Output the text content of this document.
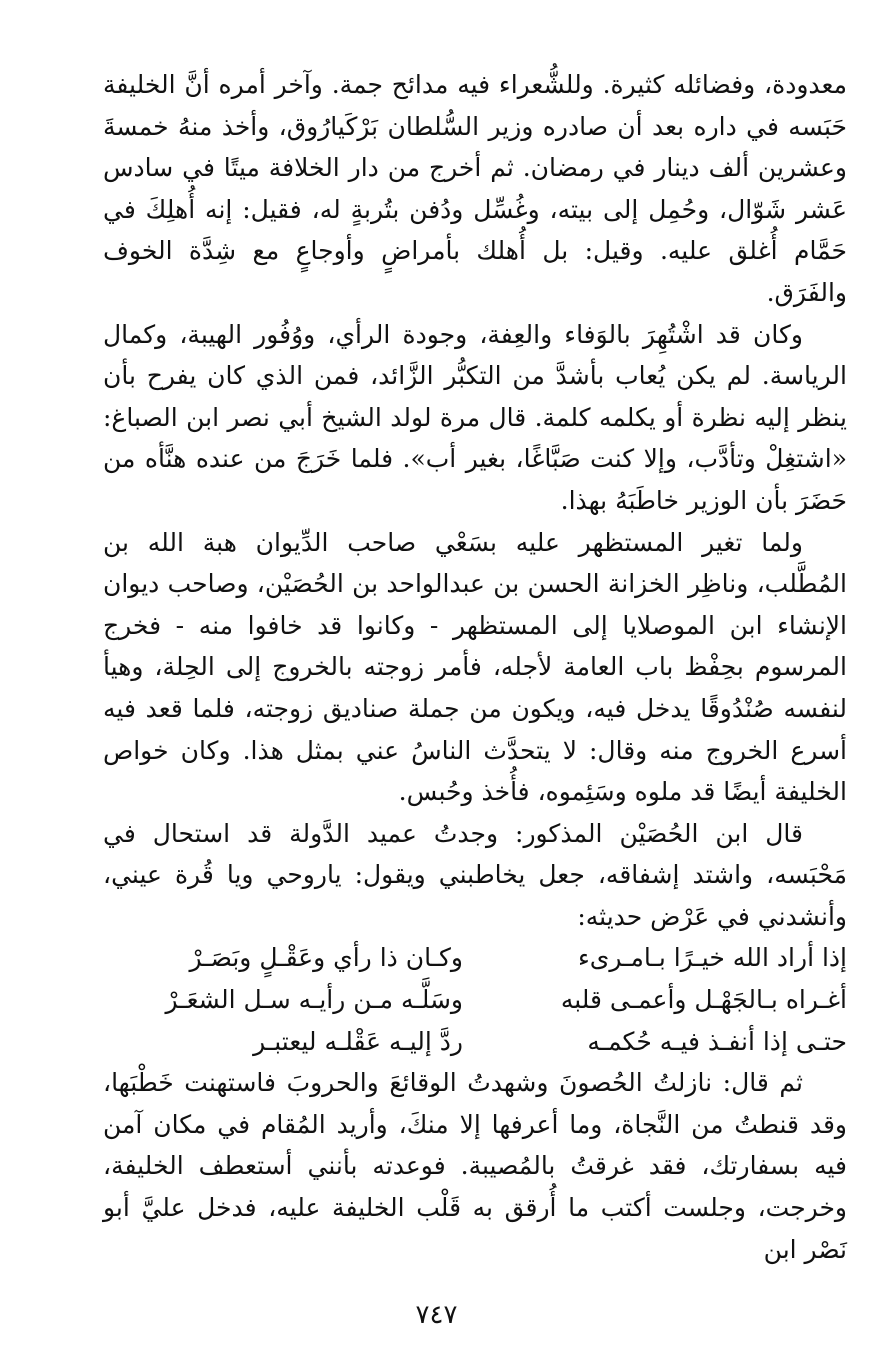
معدودة، وفضائله كثيرة. وللشُّعراء فيه مدائح جمة. وآخر أمره أنَّ الخليفة حَبَسه في داره بعد أن صادره وزير السُّلطان بَرْكَيارُوق، وأخذ منهُ خمسةَ وعشرين ألف دينار في رمضان. ثم أخرج من دار الخلافة ميتًا في سادس عَشر شَوّال، وحُمِل إلى بيته، وغُسِّل ودُفن بتُربةٍ له، فقيل: إنه أُهلِكَ في حَمَّام أُغلق عليه. وقيل: بل أُهلك بأمراضٍ وأوجاعٍ مع شِدَّة الخوف والفَرَق.

وكان قد اشْتُهِرَ بالوَفاء والعِفة، وجودة الرأي، ووُفُور الهيبة، وكمال الرياسة. لم يكن يُعاب بأشدَّ من التكبُّر الزَّائد، فمن الذي كان يفرح بأن ينظر إليه نظرة أو يكلمه كلمة. قال مرة لولد الشيخ أبي نصر ابن الصباغ: «اشتغِلْ وتأدَّب، وإلا كنت صَبَّاغًا، بغير أب». فلما خَرَجَ من عنده هنَّأه من حَضَرَ بأن الوزير خاطَبَهُ بهذا.

ولما تغير المستظهر عليه بسَعْي صاحب الدِّيوان هبة الله بن المُطَّلب، وناظِر الخزانة الحسن بن عبدالواحد بن الحُصَيْن، وصاحب ديوان الإنشاء ابن الموصلايا إلى المستظهر - وكانوا قد خافوا منه - فخرج المرسوم بحِفْظ باب العامة لأجله، فأمر زوجته بالخروج إلى الحِلة، وهيأ لنفسه صُنْدُوقًا يدخل فيه، ويكون من جملة صناديق زوجته، فلما قعد فيه أسرع الخروج منه وقال: لا يتحدَّث الناسُ عني بمثل هذا. وكان خواص الخليفة أيضًا قد ملوه وسَئِموه، فأُخذ وحُبس.

قال ابن الحُصَيْن المذكور: وجدتُ عميد الدَّولة قد استحال في مَحْبَسه، واشتد إشفاقه، جعل يخاطبني ويقول: ياروحي ويا قُرة عيني، وأنشدني في عَرْض حديثه:

إذا أراد الله خيـرًا بـامـرىء
وكـان ذا رأي وعَقْـلٍ وبَصَـرْ
أغـراه بـالجَهْـل وأعمـى قلبه
وسَلَّـه مـن رأيـه سـل الشعَـرْ
حتـى إذا أنفـذ فيـه حُكمـه
ردَّ إليـه عَقْلـه ليعتبـر

ثم قال: نازلتُ الحُصونَ وشهدتُ الوقائعَ والحروبَ فاستهنت خَطْبَها، وقد قنطتُ من النَّجاة، وما أعرفها إلا منكَ، وأريد المُقام في مكان آمن فيه بسفارتك، فقد غرقتُ بالمُصيبة. فوعدته بأنني أستعطف الخليفة، وخرجت، وجلست أكتب ما أُرقق به قَلْب الخليفة عليه، فدخل عليَّ أبو نَصْر ابن

٧٤٧
